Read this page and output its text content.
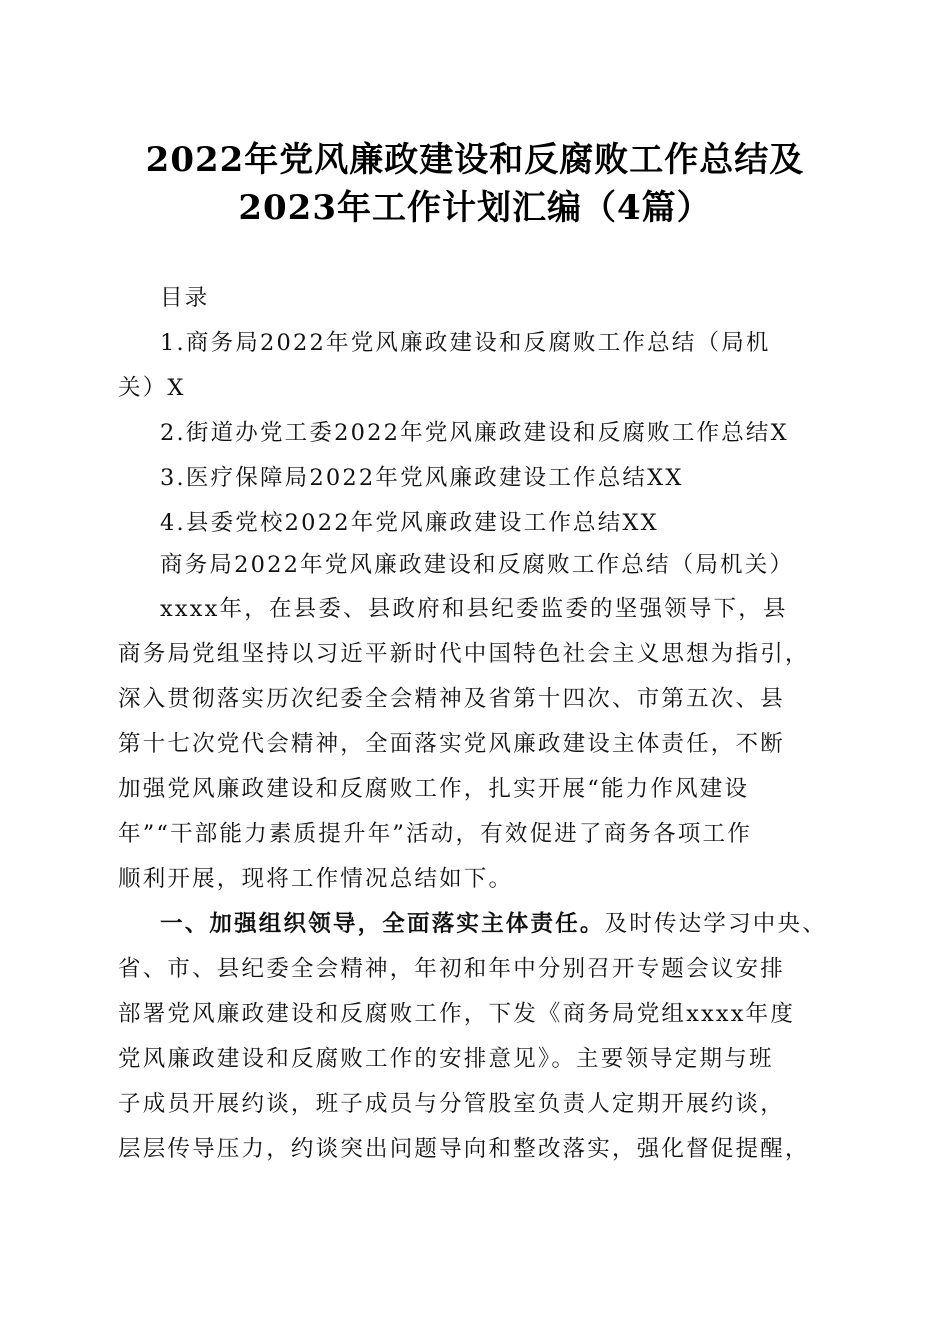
2022年党风廉政建设和反腐败工作总结及
2023年工作计划汇编（4篇）
目录
1.商务局2022年党风廉政建设和反腐败工作总结（局机
关）X
2.街道办党工委2022年党风廉政建设和反腐败工作总结X
3.医疗保障局2022年党风廉政建设工作总结XX
4.县委党校2022年党风廉政建设工作总结XX
商务局2022年党风廉政建设和反腐败工作总结（局机关）
xxxx年，在县委、县政府和县纪委监委的坚强领导下，县
商务局党组坚持以习近平新时代中国特色社会主义思想为指引，
深入贯彻落实历次纪委全会精神及省第十四次、市第五次、县
第十七次党代会精神，全面落实党风廉政建设主体责任，不断
加强党风廉政建设和反腐败工作，扎实开展“能力作风建设
年”“干部能力素质提升年”活动，有效促进了商务各项工作
顺利开展，现将工作情况总结如下。
一、加强组织领导，全面落实主体责任。及时传达学习中央、
省、市、县纪委全会精神，年初和年中分别召开专题会议安排
部署党风廉政建设和反腐败工作，下发《商务局党组xxxx年度
党风廉政建设和反腐败工作的安排意见》。主要领导定期与班
子成员开展约谈，班子成员与分管股室负责人定期开展约谈，
层层传导压力，约谈突出问题导向和整改落实，强化督促提醒，
